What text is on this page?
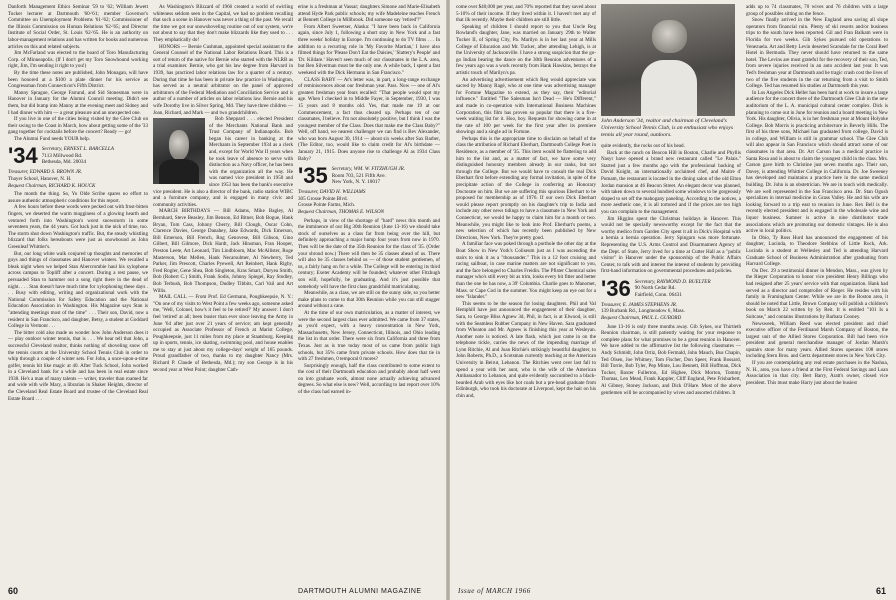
Danforth Management Ethics Seminar '59 to '62; William Jewett Tucker lecturer at Dartmouth '60-'61; member Governor's Committee on Unemployment Problems '61-'62; Commissioner of the Illinois Commission on Human Relations '62-'65; and Director Institute of Social Order, St. Louis '62-'65. He is an authority on labor-management relations and has written for books and numerous articles on this and related subjects.

Jim McFarland was elected to the board of Toro Manufacturing Corp. of Minneapolis. (If I don't get my Toro Snowhound working right, Jim, I'm sending it right to you!)

By the time these notes are published, John Monagan, will have been honored at a $100 a plate dinner for his service as Congressman from Connecticut's Fifth District.

Manny Sprague, George Farrand, and Sid Stonesman were in Hanover in January for the Alumni Council meeting. Didn't see them, but did bump into Manny at the evening meet and Sidney and I had dinner with him — a great pleasure and an unexpected one.

If you live in one of the cities being visited by the Glee Club on their swing to the Coast in March, how about getting some of the '33 gang together for cocktails before the concert? Ready — go!

The Alumni Fund needs YOUR help.

'34 Secretary, ERNEST L. BARCELLA
7113 Millwood Rd.
Bethesda, Md. 20034

Treasurer, EDWARD S. BROWN JR.

Thayer School, Hanover, N. H.

Bequest Chairman, RICHARD K. HOUCK

The month the thing. So, Yo Olde Scribe spares no effort to assure authentic atmospheric conditions for this report.

A few hours before these words were pecked out with frost-bitten fingers, we deserted the warm mugginess of a glowing hearth and ventured forth into Washington's worst snowstorm in some seventeen years, the 44 years. Got back just in the nick of time, too. The storm shut down Washington's traffic. But, the steady whistling blizzard that folks hereabouts were just as snowbound as John Greenleaf Whittier's.

But, our long white walk conjured up thoughts and memories of guys and things of classmates and Hanover winters. We recalled a bleak night when we helped Stan Abercrombie haul his xylophone across campus to Topliff after a concert. During a rest pause, we persuaded Stan to hammer out a song right there in the dead of night. . . . Stan doesn't have much time for xylophoning these days . . . Busy with editing, writing and organizational work with the National Commission for Safety Education and the National Education Association in Washington. His Magazine says Stan is "attending meetings most of the time" . . . Their son, David, now a resident in San Francisco, and daughter, Betsy, a student at Goddard College in Vermont . . .

The bitter cold also made us wonder how John Anderson does it — play outdoor winter tennis, that is . . . We hear tell that John, a successful Cleveland realtor, thinks nothing of shoveling snow off the tennis courts at the University School Tennis Club in order to whip through a couple of winter sets. For John, a once-upon-a-time golfer, tennis hit like magic at 40. After Tuck School, John worked in a Cleveland bank for a while and has been in real estate since 1938. He's a man of many talents — writer, traveler than roamed far and wide with wife Mary, a librarian in Shaker Heights, director of the Cleveland Real Estate Board and trustee of the Cleveland Real Estate Board . . .

As Washington's Blizzard of 1966 created a world of swirling whiteness seldom seen in the Capital, we had no problem recalling that such a scene in Hanover was never a thing of the past. We recall the time we got our snowshoveling routine out of our system, we're not about to say that they don't make blizzards like they used to . . . They emphatically do!

HONORS — Bernie Cushman, appointed special assistant to the General Counsel of the National Labor Relations Board. This is a sort of return of the native for Bernie who started with the NLRB as a trial examiner. Bernie, who got his law degree from Harvard in 1939, has practiced labor relations law for a quarter of a century. During that time he has been in private law practice in Washington, has served as a neutral arbitrator on the panel of approved arbitrators of the Federal Mediation and Conciliation Service and is author of a number of articles on labor relations law. Bernie and his wife Dorothy live in Silver Spring, Md. They have three children — Joan, Richard, and Mark — and two grandchildren.

Bob Sheppard . . . elected President of the Merchants National Bank and Trust Company of Indianapolis. Bob began his career in banking at the Merchants in September 1934 as a clerk and, except for World War II years when he took leave of absence to serve with distinction as a Navy officer, he has been with the organization all the way. He was named vice president in 1950 and since 1953 has been the bank's executive vice president. He is also a director of the bank, radio station WIBC and a furniture company, and is engaged in many civic and community activities.

MARCH BIRTHDAYS — Bill Adams, Mike Bagley, Al Bernhard, Steve Beasley, Jim Benson, Ed Bitner, Bob Bogue, Hank Bryan, Tom Cass, Johnny Cherry, Bill Clough, Oscar Cohn, Clarence Davies, George Danahey, Jake Edwards, Dick Emerson, Bill Emerson, Bill French, Rog Genovese, Bill Gibson, Gino Gilbert, Bill Gilmore, Dick Hardt, Jack Hinsman, Fran Hooper, Preston Leete, Art Leonard, Tim Lindbloom, Mac McAllister, Roge Masterson, Mat Mellen, Hank Necarsulmer, Al Newberry, Ted Parker, Jim Prescott, Charles Pyewell, Art Reinhert, Hank Rigby, Fred Rogler, Gene Shea, Bob Singleton, Kras Smart, Duryea Smith, Bob (Robert C.) Smith, Frank Sodis, Johnny Spiegel, Ray Stodley, Bob Terbush, Bob Thompson, Dudley Tibbits, Carl Vail and Art Willis.

MAIL CALL — From Prof. Ed Germann, Poughkeepsie, N. Y.: "On one of my visits to West Point a few weeks ago, someone asked me, 'Well, Colonel, how's it feel to be retired?' My answer: I don't feel 'retired' at all; been busier than ever since leaving the Army in June '64 after just over 21 years of service; am kept generally occupied as Associate Professor of French at Marist College, Poughkeepsie, just 11 miles from my place at Staatsburg. Keeping up in sports, tennis, ice skating, swimming pool, and house enables me to stay at just about my college-days' weight of 165 pounds. Proud grandfather of two, thanks to my daughter Nancy (Mrs. Richard P. Claude of Bethesda, Md.); my son George is in his second year at West Point; daughter Cath-

erine is a freshman at Vassar; daughters Simone and Marie-Elisabeth attend Hyde Park public schools; my wife Madeleine teaches French at Bennett College in Millbrook. Did someone say 'retired'?"

From Albert Sweetser, Alaska: "I have been back in California again, since July 1, following a short stay in New York and a fast three weeks' holiday in Europe. I'm continuing to do TV films . . . In addition to a recurring role in 'My Favorite Martian,' I have also filmed things for 'Please Don't Eat the Daisies,' 'Slattery's People' and 'Dr. Kildare.' Haven't seen much of our classmates in the L.A. area, but Ben Silverman must be the only one. A while back, I spent a fast weekend with the Dick Hermann in San Francisco."

CLASS BABY — At's letter was, in part, a long-range exchange of reminiscences about our freshman year. Pass. Now — one of Al's greatest freshman year fears recalled: "That people would spot my age. When I checked in to Middle Fayer, in September, 1930, I was 15 years and 8 months old. Yes, that made me 19 at our Commencement, a fact thus cleared up. Perhaps ten of our classmates, I believe. I'm not absolutely positive, but I think I was the youngest member of the Class. Does that make me the Class Baby?" Well, off hand, we nearest challenger we can find is Bev Alexander, who was born August 30, 1914 — about six weeks after Sax Barber, (The Editor, too, would like to claim credit for Al's birthdate — January 21, 1915. Does anyone rise to challenge Al as 1934 Class Baby?

'35 Secretary, WM. W. FITZHUGH JR.
Room 703, 521 Fifth Ave.
New York, N. Y. 10017

Treasurer, DAVID H. WILLIAMS

305 Grosse Pointe Blvd.

Grosse Pointe Farms, Mich.

Bequest Chairman, THOMAS E. WILSON

Perhaps, in view of the shortage of "hard" news this month and the imminence of our Big 30th Reunion (June 13-16) we should take stock of ourselves as a class far from being over the hill, but definitely approaching a major hump four years from now in 1970. Then will be the date of the 35th Reunion for the class of '35. (Order your shroud now.) There will then be 35 classes ahead of us. There will also be 35 classes behind us — of those student gentlemen, of us, a fairly hang on for a while. The College will be entering its third century; Exeter Academy will be founded; whatever other Fitzhugh son will, hopefully, be graduating. And it's just possible that somebody will have the first class grandchild matriculating.

Meanwhile, as a class, we are still on the sunny side, so you better make plans to come to that 30th Reunion while you can still stagger around without a cane.

At the time of our own matriculation, as a matter of interest, we were the second largest class ever admitted. We came from 37 states, as you'd expect, with a heavy concentration in New York, Massachusetts, New Jersey, Connecticut, Illinois, and Ohio leading the list in that order. There were six from California and three from Texas. Just as is true today most of us came from public high schools, but 35% came from private schools. How does that tie in with 27 freshmen, 0 temporal 0 mores?

Surprisingly enough, half the class contributed to some extent to the cost of their Dartmouth education and probably about half went on into graduate work, almost none actually achieving advanced degrees. So what else is new? Well, according to last report over 10% of the class had earned in-

60	DARTMOUTH ALUMNI MAGAZINE

come over $40,000 per year, and 70% reported that they saved about 5-10% of their income. If they lived within it. I haven't met any of that ilk recently. Maybe their children are still little.

Speaking of children I should report to you that Uncle Reg Rowland's daughter, Jane, was married on January 29th to Walter Tucker II, of Spring City, Pa. Marilyn is in her last year at Mills College of Education and Mr. Tucker, after attending Lehigh, is at the University of Jacksonville. I have a strong suspicion that the go-go Indian bearing the dance on the 30th Reunion adventures of a few years ago was a work recently from Hank Hawkins, betrays the artistic touch of Marilyn's pa.

An advertising advertisement which Reg would appreciate was sacred by Manny Ragé, who at one time was advertising manager for Fortune Magazine to extend, as they say, their "editorial influence." Entitled "The Salesman Isn't Dead — He's Different," and made in co-operation with International Business Machines Corporation, this film has proven so popular that there is a five-week waiting list for it. Hoo, boy. Requests for showing came in at the rate of 100 per week for the first year after its premiere showings and a single ad in Fortune.

Perhaps this is the appropriate time to disclaim on behalf of the class the attribution of Richard Eberhart, Dartmouth College Poet in Residence, as a member of '35. This item would be flattering to add him to the list and, as a matter of fact, we have some very distinguished honorary members already in our ranks, but not through the College. But we would have to consult the real Dick Eberhart first before extending any formal invitation, in spite of the precipitate action of the College in conferring an Honorary Doctorate on him. But we are suffering this spurious Eberhart to be proposed for membership as of 1976. If our own Dick Eberhart would please report promptly on his daughter's trip to India and include any other news tidings to have a classmate in New York and Connecticut, we would be happy to claim him for a month or two. Meanwhile, you might like to look into Prof. Eberhart's poems, a new selection of which has recently been published by New Directions, New York. They're pretty good.

A familiar face was poked through a porthole the other day at the Boat Show in New York's Coliseum just as I was ascending the stairs to sink it as a "thousander." This in a 12 foot cruising and racing sailboat, in case marine matters are not significant to you, and the face belonged to Charles Freidin. The Pfister Chemical sales manager who's still every bit as trim, looks every bit fitter and better than the one he has now, a 39' Columbia. Charlie goes to Manomet, Mass. or Cape Cod in the summer. You might keep an eye out for a new "Islander."

This seems to be the season for losing daughters. Phil and Val Hemphill have just announced the engagement of their daughter, Sara, to George Bliss Agnew 3d, Phil, in fact, is at Elwood, is still with the Seamless Rubber Company in New Haven. Sara graduated from Wheaton and Mr. Agnew is finishing this year at Wesleyan. Another note is noticed. A late flash, which just came in on the telephone tickle, carries the news of the impending marriage of Lynn Ritchie, Al and Joan Ritchie's strikingly beautiful daughter, to John Roberts, Ph.D., a Scotsman currently teaching at the American University in Beirut, Lebanon. The Ritchies went over last fall to spend a year with her aunt, who is the wife of the American Ambassador to Lebanon, and quite evidently succumbed to a black-bearded Arab with eyes like hot coals but a pre-head graduate from Edinburgh, who took his doctorate at Liverpool, kept the hair on his chin and,

John Anderson '34, realtor and chairman of Cleveland's University School Tennis Club, is an enthusiast who enjoys tennis all year round, outdoors.

quite evidently, the rocks out of his head.

Back at the ranch on Beacon Hill in Boston, Charlie and Phyllis Nasyr have opened a brand new restaurant called "Le Palais." Started just a few months ago with the professional backing of David Knight, an internationally acclaimed chef, and Maitre d' Putnam, the restaurant is located in the dining salon of the old Elton Jordan mansion at 46 Beacon Street. An elegant decor was planned, with taken down to several hundred some windows to be gorgeously draped to set off the mahogany paneling. According to the notices, a more aesthetic one, it is all tortured and if the prices are too high you can complain to the management.

Jim Higgins spent the Christmas holidays in Hanover. This would not be specially newsworthy except for the fact that the worthy medico from Garden City spent it all in Dick's Hospital with a hernia a hernia operation. Jerry Spingarn was more fortunate. Representing the U.S. Arms Control and Disarmament Agency of the Dept. of State, Jerry lived for a time at Cutter Hall as a "public visitor" in Hanover under the sponsorship of the Public Affairs Center, to talk with and interest the interest of students by providing first-hand information on governmental procedures and policies.

'36 Secretary, RAYMOND D. BUELTER
90 North Cedar Rd.
Fairfield, Conn. 06431

Treasurer, E. JAMES STEPHENS JR.

139 Burbank Rd., Longmeadow 6, Mass.

Bequest Chairman, PAUL L. GUBORD

June 13-16 is only three months away. Gib Sykes, our Thirtieth Reunion chairman, is still patiently waiting for your response to complete plans for what promises to be a great reunion in Hanover. We have added to the affirmative list the following classmates — Andy Schmidt, John Ortiz, Bob Fermald, John Mauch, Bus Chapin, Ted Olsen, Joe Whitney, Tom Fischer, Don Speer, Frank Bossard, Bill Torrie, Bob Tyler, Pep Minte, Lou Bennett, Bill Hoffman, Dick Tucker, Baxter Fullerton, Ed Higbee, Dick Morton, Tommy Thomas, Len Mead, Frank Kappler, Cliff England, Pete Frisbarbert, Al Gibney, Stoney Jackson, and Dick O'Hare. Most of the above gentlemen will be accompanied by wives and assorted children. It

adds up to 74 classmates, 70 wives and 76 children with a large group of possibles sitting on the fence.

Snow finally arrived in the New England area saving all slope operators from financial ruin. Plenty of ski resorts and/or business trips to the south have been reported. Gil and Fran Balkam were in Florida for two weeks. Gib Sykes pursued old operations to Venezuela. Art and Betty Levin deserted Scarsdale for the Coral Reef Hotel in Bermuda. They never should have returned to the same hotel. The Levins are most grateful for the recovery of their son, Ted, from severe injuries received in an auto accident last year. It was Ted's freshman year at Dartmouth and he tragic crash cost the lives of two of the five students in the car returning from a visit to Smith College. Ted has resumed his studies at Dartmouth this year.

In Los Angeles Dick Heller has been hard at work to insure a large audience for the concert there of the Dartmouth Glee Club in the new auditorium of the L. A. municipal cultural center complex. Dick is planning to come out in June for reunion and a board meeting in New York. His daughter, Olivia, is in her freshman year at Mount Holyoke College. Bob Morris is practicing architecture in Beverly Hills. The first of his three sons, Michael has graduated from college, David is in college, and William is still in grammar school. The Glee Club will also appear in San Francisco which should attract some of our classmates in that area. Dr. Art Carson has a medical practice in Santa Rosa and is about to claim the youngest child in the class. Mrs. Carson gave birth to Christine just seven months ago. Their son, Davey, is attending Whittier College in California. Dr. Joe Sweeney has developed and maintains a practice here in the same medical building. Dr. John is an obstetrician. We are in touch with medically. We are well represented in the San Francisco area. Dr. Stan Ogush specializes in internal medicine in Grass Valley. He and his wife are looking forward to a trip east to reunion in June. Rex Bell is the recently elected president and is engaged in the wholesale wine and liquor business. Sumner is active in nine distributor trade associations which are promoting our domestic vintages. He is also active in local politics.

In Ohio, Ty Ross Hurd has announced the engagement of his daughter, Lucinda, to Theodore Stebbins of Little Rock, Ark. Lucinda is a student at Wellesley and Ted is attending Harvard Graduate School of Business Administration after graduating from Harvard College.

On Dec. 29 a testimonial dinner in Mendon, Mass., was given by the Rieger Corporation to honor vice president Henry Billings who had resigned after 25 years' service with that organization. Hank had served as a director and comptroller of Rieger. He resides with his family in Framingham Center. While we are in the Boston area, it should be noted that Little, Brown Company will publish a children's book on March 22 written by Sy Reit. It is entitled "101 Is a Suitcase," and contains illustrations by Barbara Cooney.

Newsweek, William Reed was elected president and chief executive officer of the Ferdinand Marsh Company of Boston, the largest unit of the Allied Stores Corporation. Bill had been vice president and general merchandise manager of Jordan Marsh's upstairs store for many years. Allied Stores operates 108 stores including Stern Bros. and Gertz department stores in New York City.

If you are contemplating any real estate purchases in the Nashua, N. H., area, you have a friend at the First Federal Savings and Loan Association in that city. Bert Barry, Aratt's owner, closed vice president. This must make Harry just about the busiest

Issue of MARCH 1966	61
